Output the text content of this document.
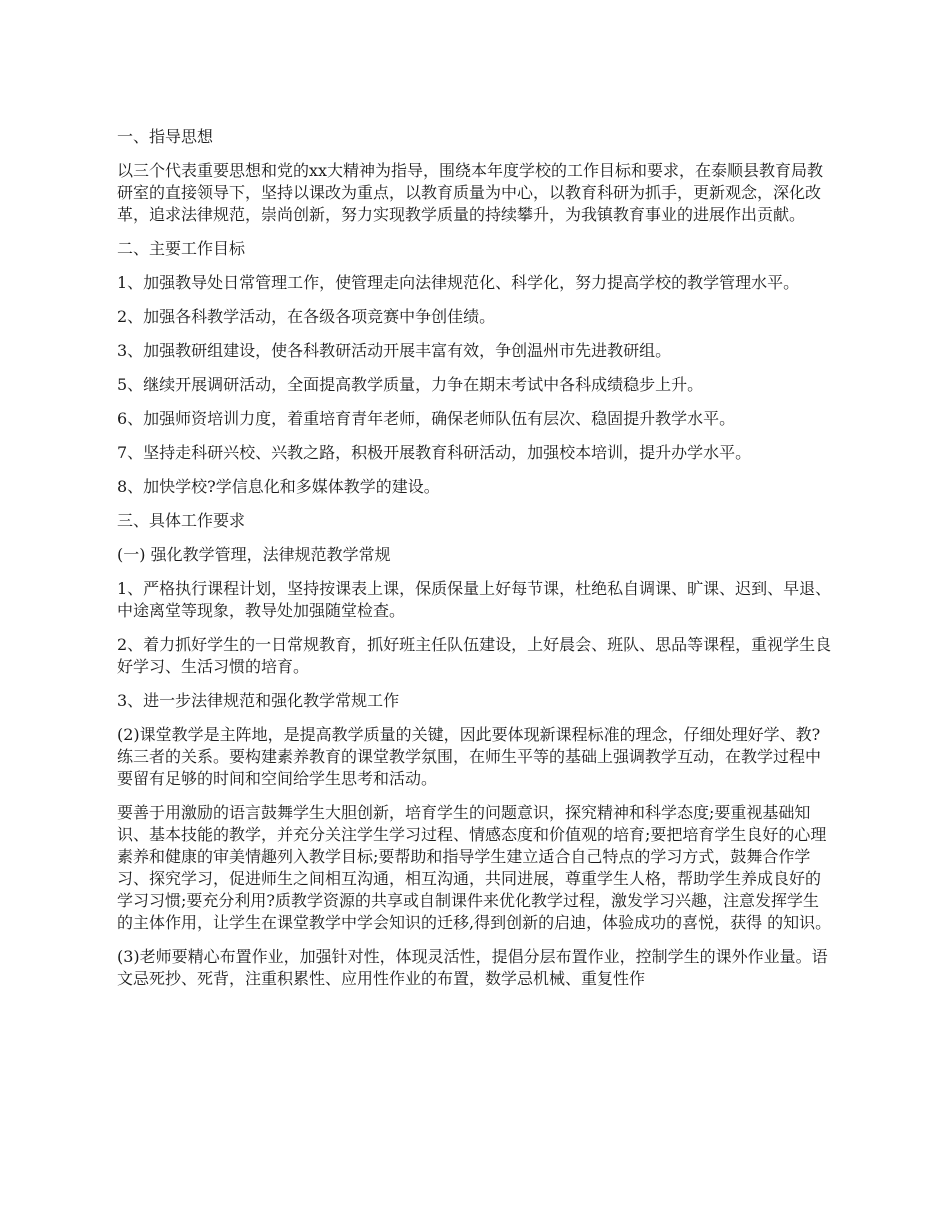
一、指导思想

以三个代表重要思想和党的xx大精神为指导，围绕本年度学校的工作目标和要求，在泰顺县教育局教研室的直接领导下，坚持以课改为重点，以教育质量为中心，以教育科研为抓手，更新观念，深化改革，追求法律规范，崇尚创新，努力实现教学质量的持续攀升，为我镇教育事业的进展作出贡献。

二、主要工作目标

1、加强教导处日常管理工作，使管理走向法律规范化、科学化，努力提高学校的教学管理水平。

2、加强各科教学活动，在各级各项竞赛中争创佳绩。

3、加强教研组建设，使各科教研活动开展丰富有效，争创温州市先进教研组。

5、继续开展调研活动，全面提高教学质量，力争在期末考试中各科成绩稳步上升。

6、加强师资培训力度，着重培育青年老师，确保老师队伍有层次、稳固提升教学水平。

7、坚持走科研兴校、兴教之路，积极开展教育科研活动，加强校本培训，提升办学水平。

8、加快学校?学信息化和多媒体教学的建设。

三、具体工作要求

(一) 强化教学管理，法律规范教学常规

1、严格执行课程计划，坚持按课表上课，保质保量上好每节课，杜绝私自调课、旷课、迟到、早退、中途离堂等现象，教导处加强随堂检查。

2、着力抓好学生的一日常规教育，抓好班主任队伍建设，上好晨会、班队、思品等课程，重视学生良好学习、生活习惯的培育。

3、进一步法律规范和强化教学常规工作

(2)课堂教学是主阵地，是提高教学质量的关键，因此要体现新课程标准的理念，仔细处理好学、教?练三者的关系。要构建素养教育的课堂教学氛围，在师生平等的基础上强调教学互动，在教学过程中要留有足够的时间和空间给学生思考和活动。

要善于用激励的语言鼓舞学生大胆创新，培育学生的问题意识，探究精神和科学态度;要重视基础知识、基本技能的教学，并充分关注学生学习过程、情感态度和价值观的培育;要把培育学生良好的心理素养和健康的审美情趣列入教学目标;要帮助和指导学生建立适合自己特点的学习方式，鼓舞合作学习、探究学习，促进师生之间相互沟通，相互沟通，共同进展，尊重学生人格，帮助学生养成良好的学习习惯;要充分利用?质教学资源的共享或自制课件来优化教学过程，激发学习兴趣，注意发挥学生的主体作用，让学生在课堂教学中学会知识的迁移,得到创新的启迪，体验成功的喜悦，获得 的知识。

(3)老师要精心布置作业，加强针对性，体现灵活性，提倡分层布置作业，控制学生的课外作业量。语文忌死抄、死背，注重积累性、应用性作业的布置，数学忌机械、重复性作
